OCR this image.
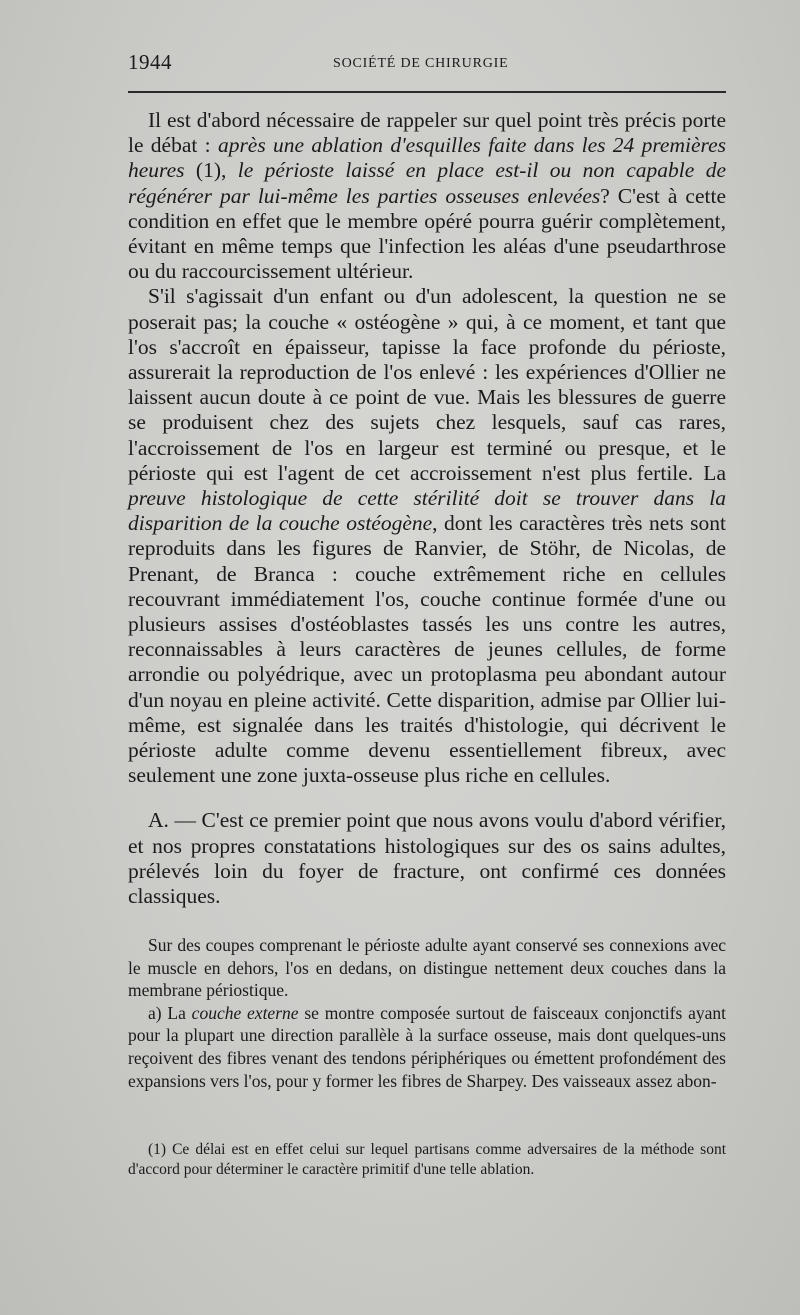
1944	SOCIÉTÉ DE CHIRURGIE

Il est d'abord nécessaire de rappeler sur quel point très précis porte le débat : après une ablation d'esquilles faite dans les 24 premières heures (1), le périoste laissé en place est-il ou non capable de régénérer par lui-même les parties osseuses enlevées? C'est à cette condition en effet que le membre opéré pourra guérir complètement, évitant en même temps que l'infection les aléas d'une pseudarthrose ou du raccourcissement ultérieur.

S'il s'agissait d'un enfant ou d'un adolescent, la question ne se poserait pas; la couche « ostéogène » qui, à ce moment, et tant que l'os s'accroît en épaisseur, tapisse la face profonde du périoste, assurerait la reproduction de l'os enlevé : les expériences d'Ollier ne laissent aucun doute à ce point de vue. Mais les blessures de guerre se produisent chez des sujets chez lesquels, sauf cas rares, l'accroissement de l'os en largeur est terminé ou presque, et le périoste qui est l'agent de cet accroissement n'est plus fertile. La preuve histologique de cette stérilité doit se trouver dans la disparition de la couche ostéogène, dont les caractères très nets sont reproduits dans les figures de Ranvier, de Stöhr, de Nicolas, de Prenant, de Branca : couche extrêmement riche en cellules recouvrant immédiatement l'os, couche continue formée d'une ou plusieurs assises d'ostéoblastes tassés les uns contre les autres, reconnaissables à leurs caractères de jeunes cellules, de forme arrondie ou polyédrique, avec un protoplasma peu abondant autour d'un noyau en pleine activité. Cette disparition, admise par Ollier lui-même, est signalée dans les traités d'histologie, qui décrivent le périoste adulte comme devenu essentiellement fibreux, avec seulement une zone juxta-osseuse plus riche en cellules.

A. — C'est ce premier point que nous avons voulu d'abord vérifier, et nos propres constatations histologiques sur des os sains adultes, prélevés loin du foyer de fracture, ont confirmé ces données classiques.

Sur des coupes comprenant le périoste adulte ayant conservé ses connexions avec le muscle en dehors, l'os en dedans, on distingue nettement deux couches dans la membrane périostique.

a) La couche externe se montre composée surtout de faisceaux conjonctifs ayant pour la plupart une direction parallèle à la surface osseuse, mais dont quelques-uns reçoivent des fibres venant des tendons périphériques ou émettent profondément des expansions vers l'os, pour y former les fibres de Sharpey. Des vaisseaux assez abon-

(1) Ce délai est en effet celui sur lequel partisans comme adversaires de la méthode sont d'accord pour déterminer le caractère primitif d'une telle ablation.
